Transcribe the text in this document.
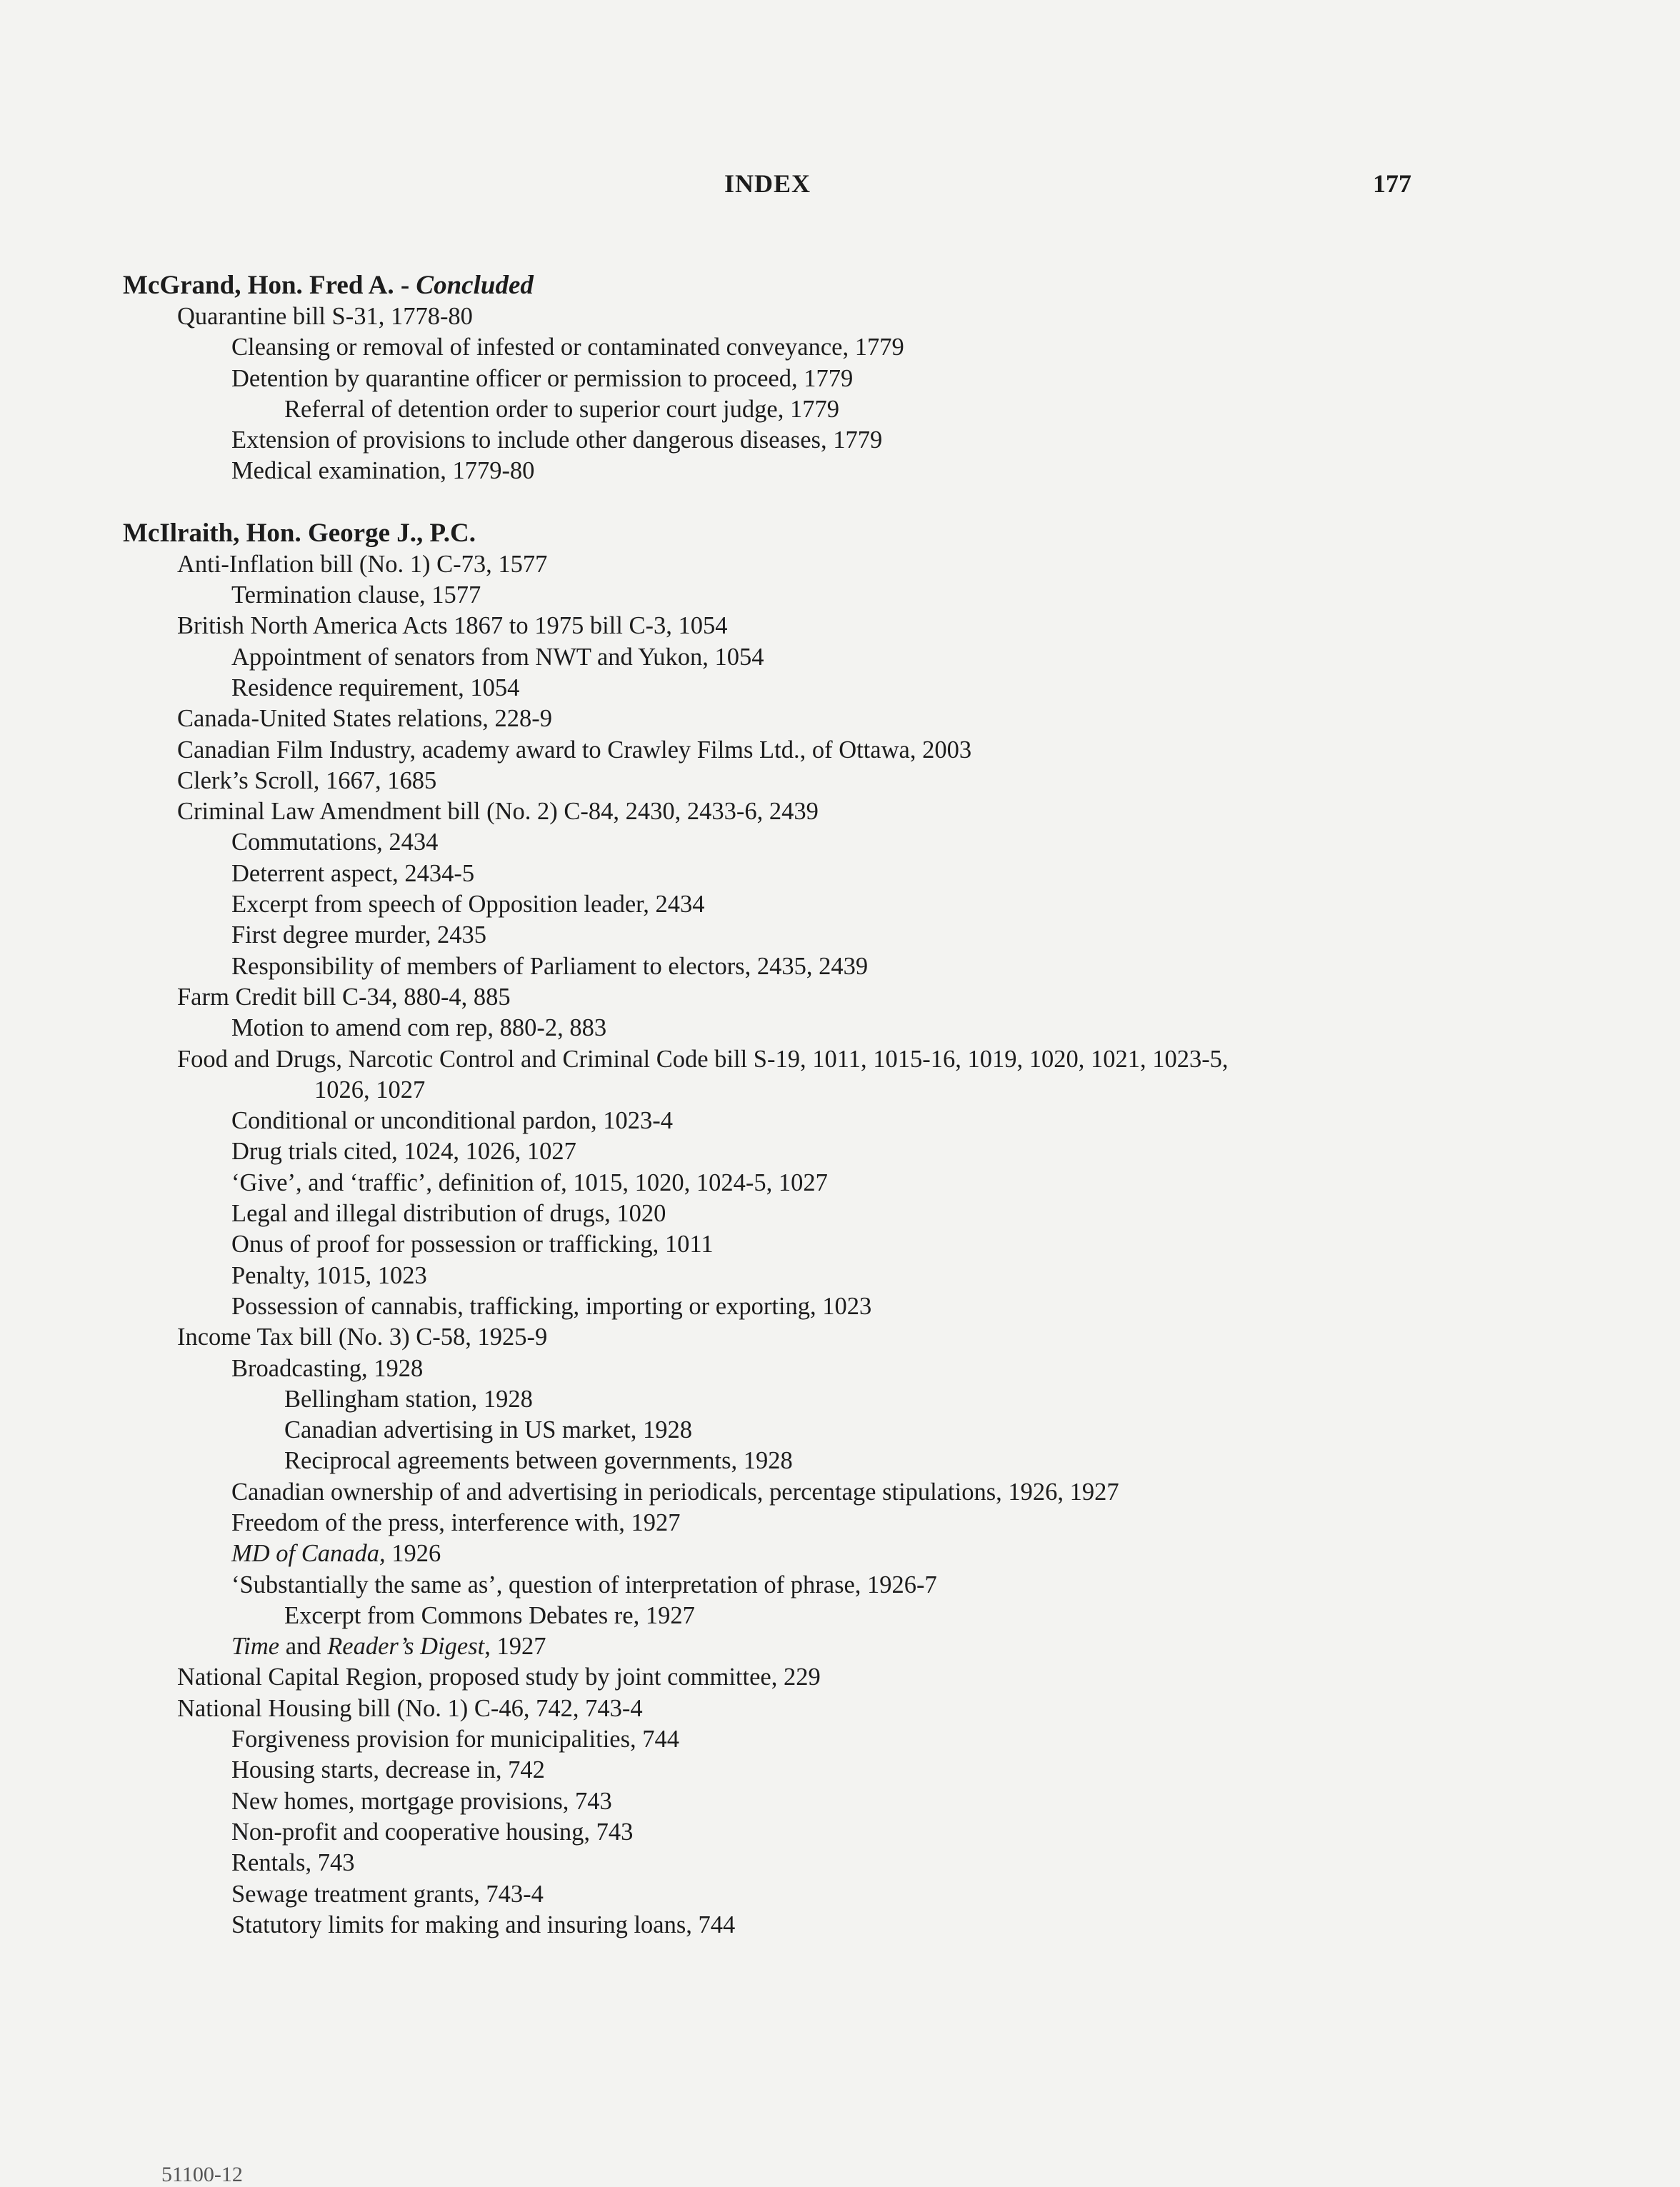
INDEX	177
McGrand, Hon. Fred A. - Concluded
Quarantine bill S-31, 1778-80
Cleansing or removal of infested or contaminated conveyance, 1779
Detention by quarantine officer or permission to proceed, 1779
Referral of detention order to superior court judge, 1779
Extension of provisions to include other dangerous diseases, 1779
Medical examination, 1779-80
McIlraith, Hon. George J., P.C.
Anti-Inflation bill (No. 1) C-73, 1577
Termination clause, 1577
British North America Acts 1867 to 1975 bill C-3, 1054
Appointment of senators from NWT and Yukon, 1054
Residence requirement, 1054
Canada-United States relations, 228-9
Canadian Film Industry, academy award to Crawley Films Ltd., of Ottawa, 2003
Clerk’s Scroll, 1667, 1685
Criminal Law Amendment bill (No. 2) C-84, 2430, 2433-6, 2439
Commutations, 2434
Deterrent aspect, 2434-5
Excerpt from speech of Opposition leader, 2434
First degree murder, 2435
Responsibility of members of Parliament to electors, 2435, 2439
Farm Credit bill C-34, 880-4, 885
Motion to amend com rep, 880-2, 883
Food and Drugs, Narcotic Control and Criminal Code bill S-19, 1011, 1015-16, 1019, 1020, 1021, 1023-5,
1026, 1027
Conditional or unconditional pardon, 1023-4
Drug trials cited, 1024, 1026, 1027
‘Give’, and ‘traffic’, definition of, 1015, 1020, 1024-5, 1027
Legal and illegal distribution of drugs, 1020
Onus of proof for possession or trafficking, 1011
Penalty, 1015, 1023
Possession of cannabis, trafficking, importing or exporting, 1023
Income Tax bill (No. 3) C-58, 1925-9
Broadcasting, 1928
Bellingham station, 1928
Canadian advertising in US market, 1928
Reciprocal agreements between governments, 1928
Canadian ownership of and advertising in periodicals, percentage stipulations, 1926, 1927
Freedom of the press, interference with, 1927
MD of Canada, 1926
‘Substantially the same as’, question of interpretation of phrase, 1926-7
Excerpt from Commons Debates re, 1927
Time and Reader’s Digest, 1927
National Capital Region, proposed study by joint committee, 229
National Housing bill (No. 1) C-46, 742, 743-4
Forgiveness provision for municipalities, 744
Housing starts, decrease in, 742
New homes, mortgage provisions, 743
Non-profit and cooperative housing, 743
Rentals, 743
Sewage treatment grants, 743-4
Statutory limits for making and insuring loans, 744
51100-12
